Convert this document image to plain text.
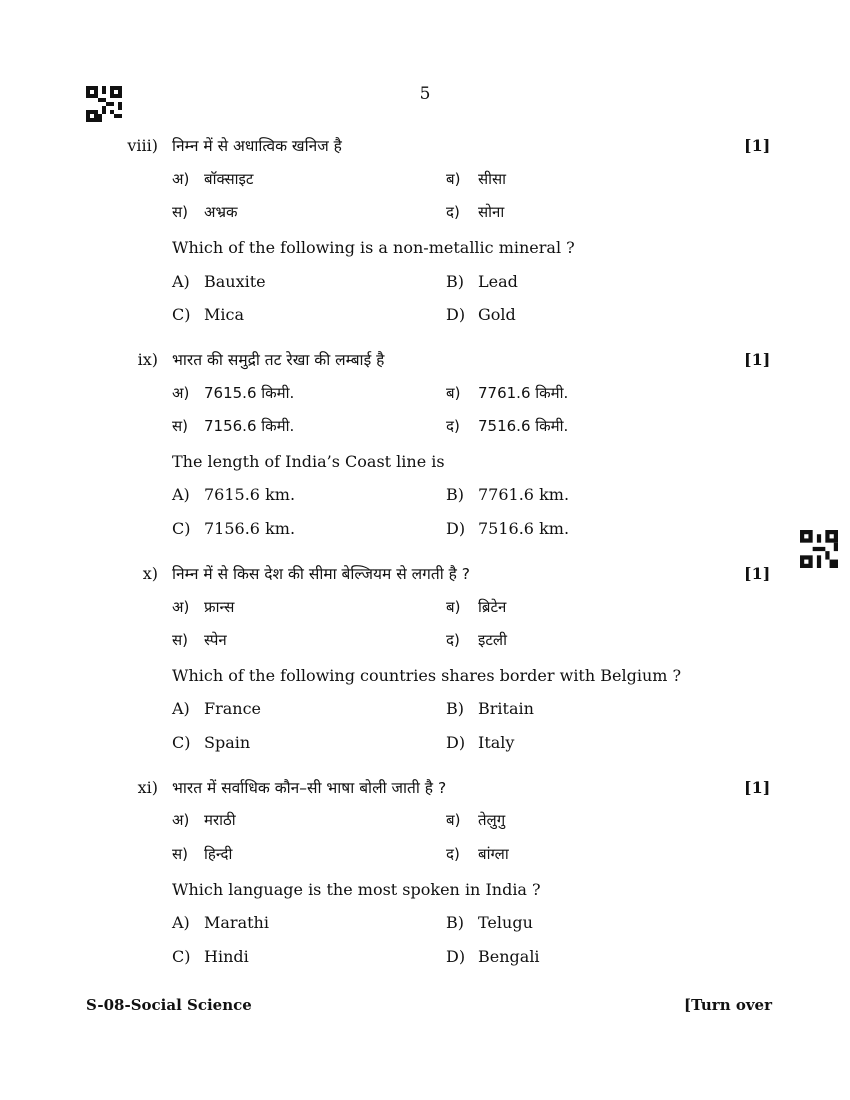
5
viii) निम्न में से अधात्विक खनिज है	[1]
अ) बॉक्साइट	ब) सीसा
स) अभ्रक	द) सोना
Which of the following is a non-metallic mineral ?
A) Bauxite	B) Lead
C) Mica	D) Gold
ix) भारत की समुद्री तट रेखा की लम्बाई है	[1]
अ) 7615.6 किमी.	ब) 7761.6 किमी.
स) 7156.6 किमी.	द) 7516.6 किमी.
The length of India’s Coast line is
A) 7615.6 km.	B) 7761.6 km.
C) 7156.6 km.	D) 7516.6 km.
x) निम्न में से किस देश की सीमा बेल्जियम से लगती है ?	[1]
अ) फ्रान्स	ब) ब्रिटेन
स) स्पेन	द) इटली
Which of the following countries shares border with Belgium ?
A) France	B) Britain
C) Spain	D) Italy
xi) भारत में सर्वाधिक कौन–सी भाषा बोली जाती है ?	[1]
अ) मराठी	ब) तेलुगु
स) हिन्दी	द) बांग्ला
Which language is the most spoken in India ?
A) Marathi	B) Telugu
C) Hindi	D) Bengali
S-08-Social Science	[Turn over
